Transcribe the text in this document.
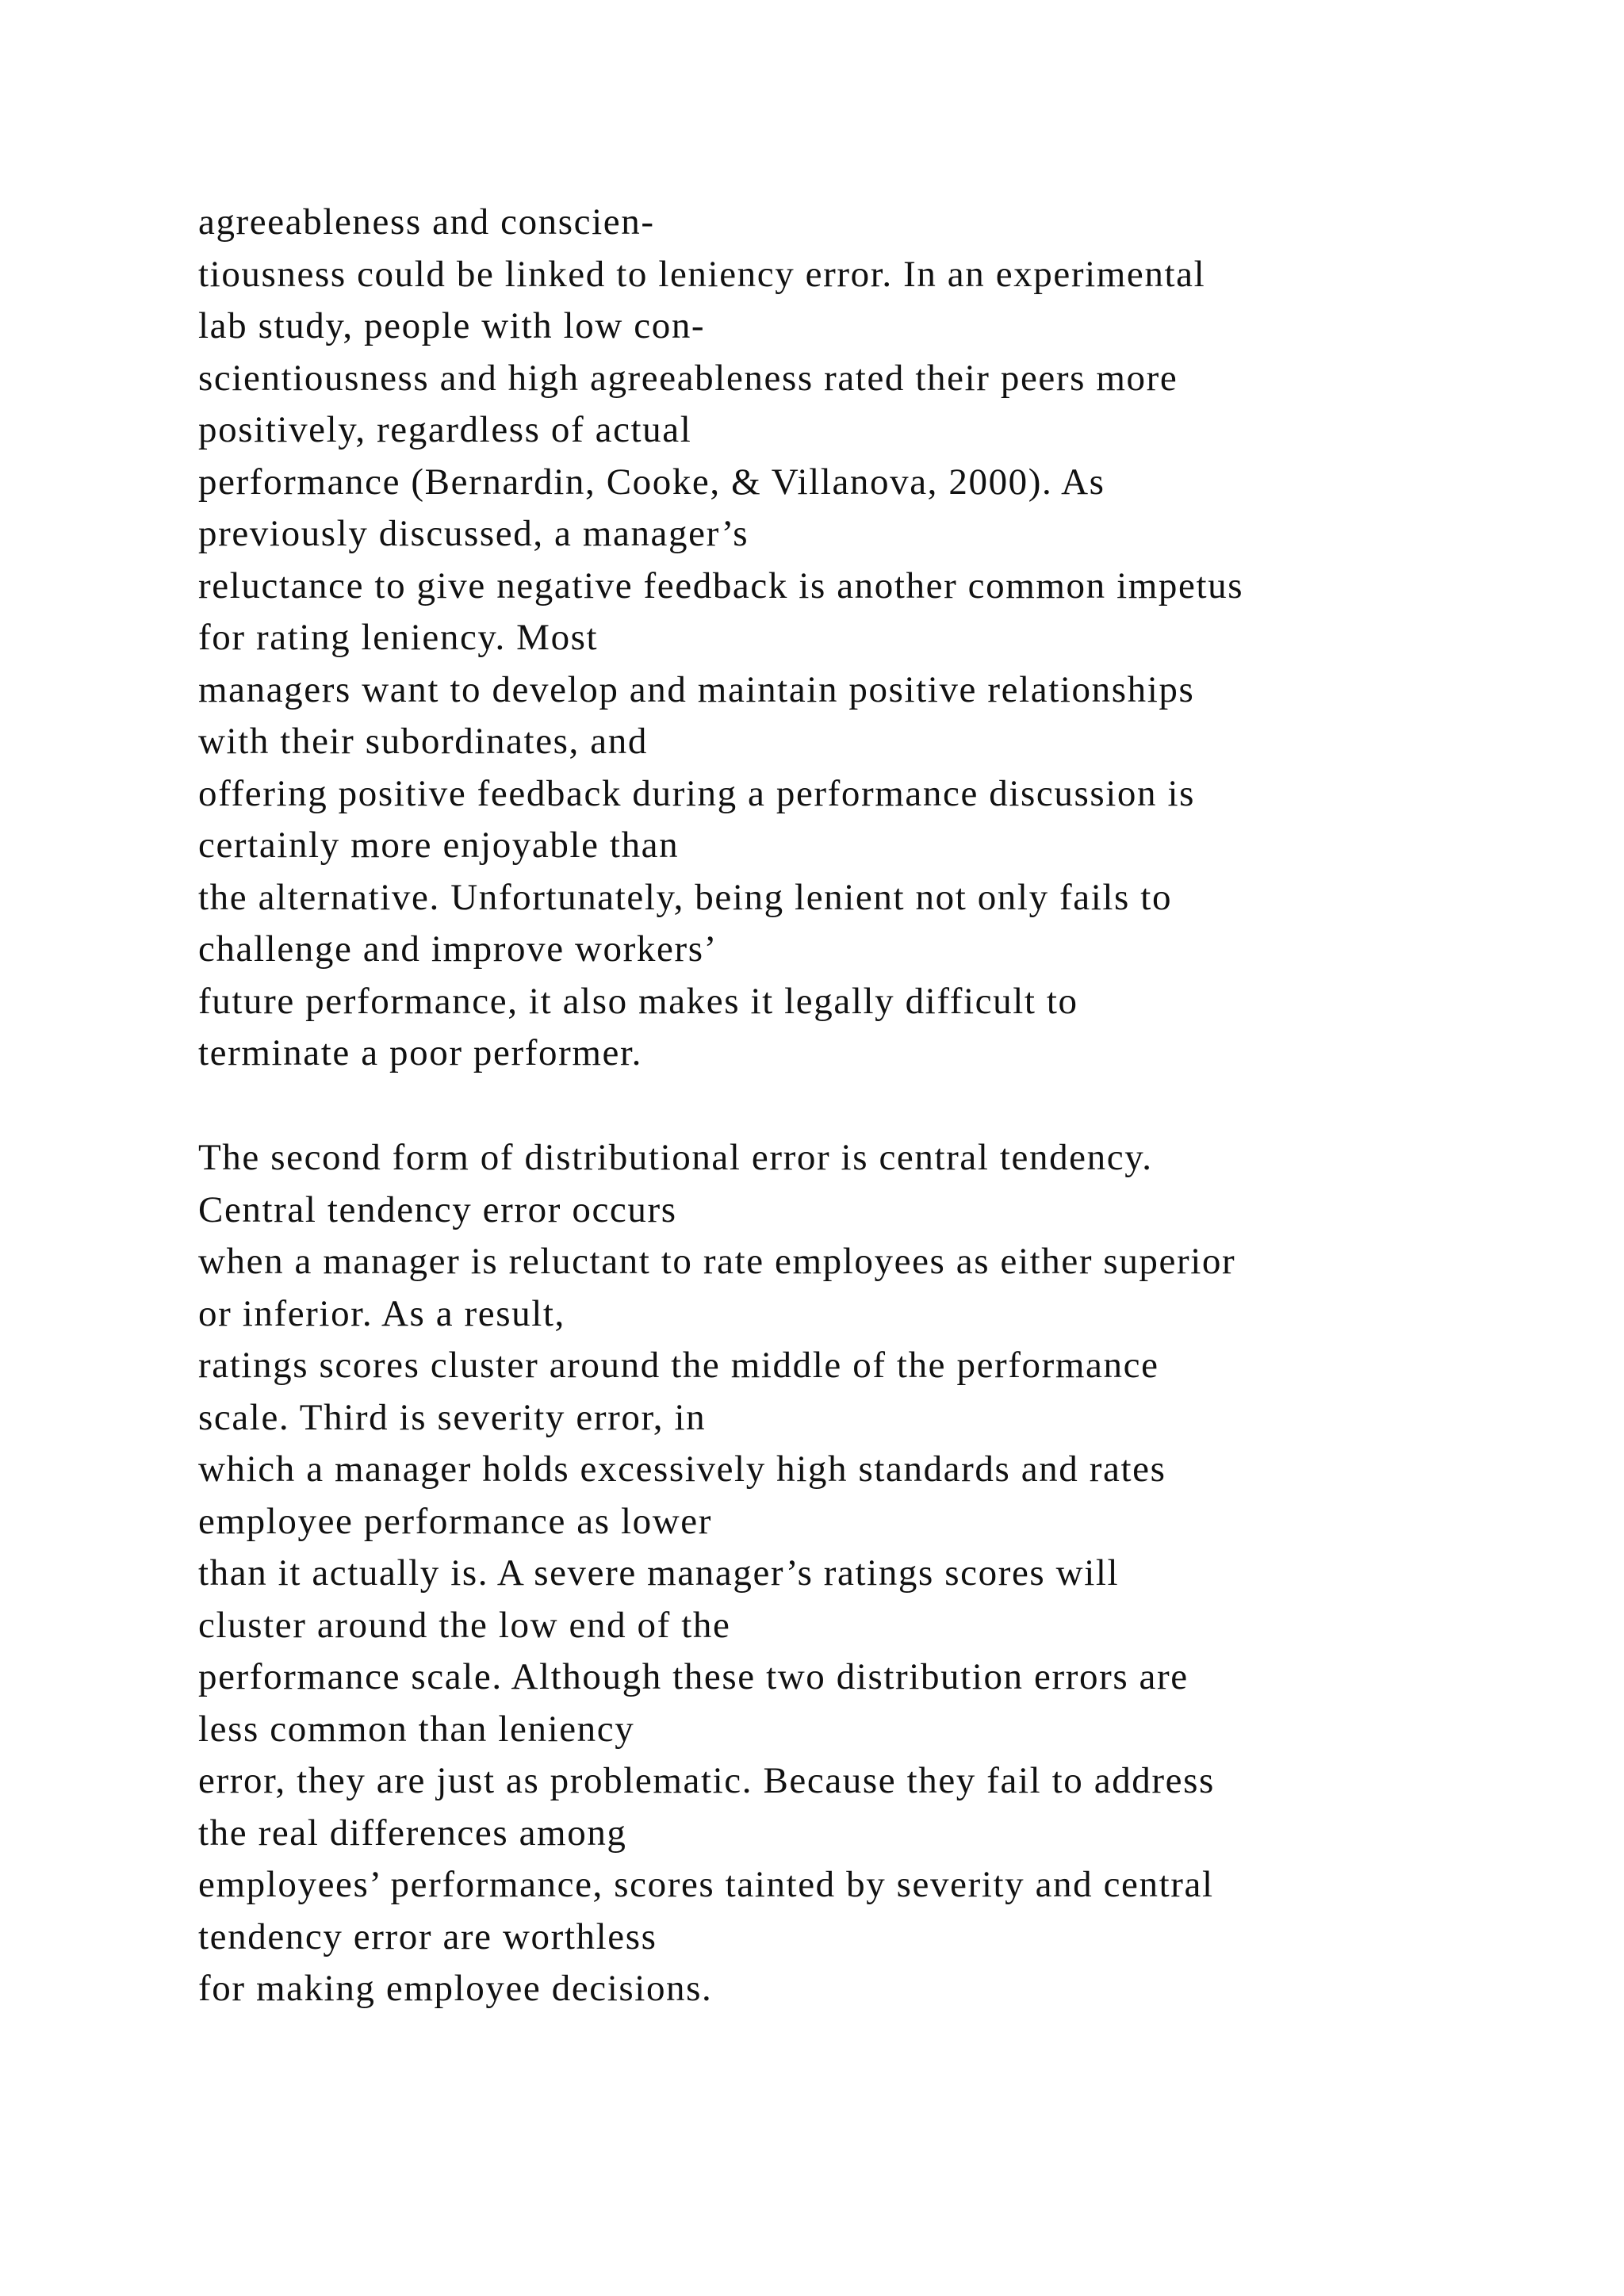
agreeableness and conscien-
tiousness could be linked to leniency error. In an experimental
lab study, people with low con-
scientiousness and high agreeableness rated their peers more
positively, regardless of actual
performance (Bernardin, Cooke, & Villanova, 2000). As
previously discussed, a manager’s
reluctance to give negative feedback is another common impetus
for rating leniency. Most
managers want to develop and maintain positive relationships
with their subordinates, and
offering positive feedback during a performance discussion is
certainly more enjoyable than
the alternative. Unfortunately, being lenient not only fails to
challenge and improve workers’
future performance, it also makes it legally difficult to
terminate a poor performer.
The second form of distributional error is central tendency.
Central tendency error occurs
when a manager is reluctant to rate employees as either superior
or inferior. As a result,
ratings scores cluster around the middle of the performance
scale. Third is severity error, in
which a manager holds excessively high standards and rates
employee performance as lower
than it actually is. A severe manager’s ratings scores will
cluster around the low end of the
performance scale. Although these two distribution errors are
less common than leniency
error, they are just as problematic. Because they fail to address
the real differences among
employees’ performance, scores tainted by severity and central
tendency error are worthless
for making employee decisions.
